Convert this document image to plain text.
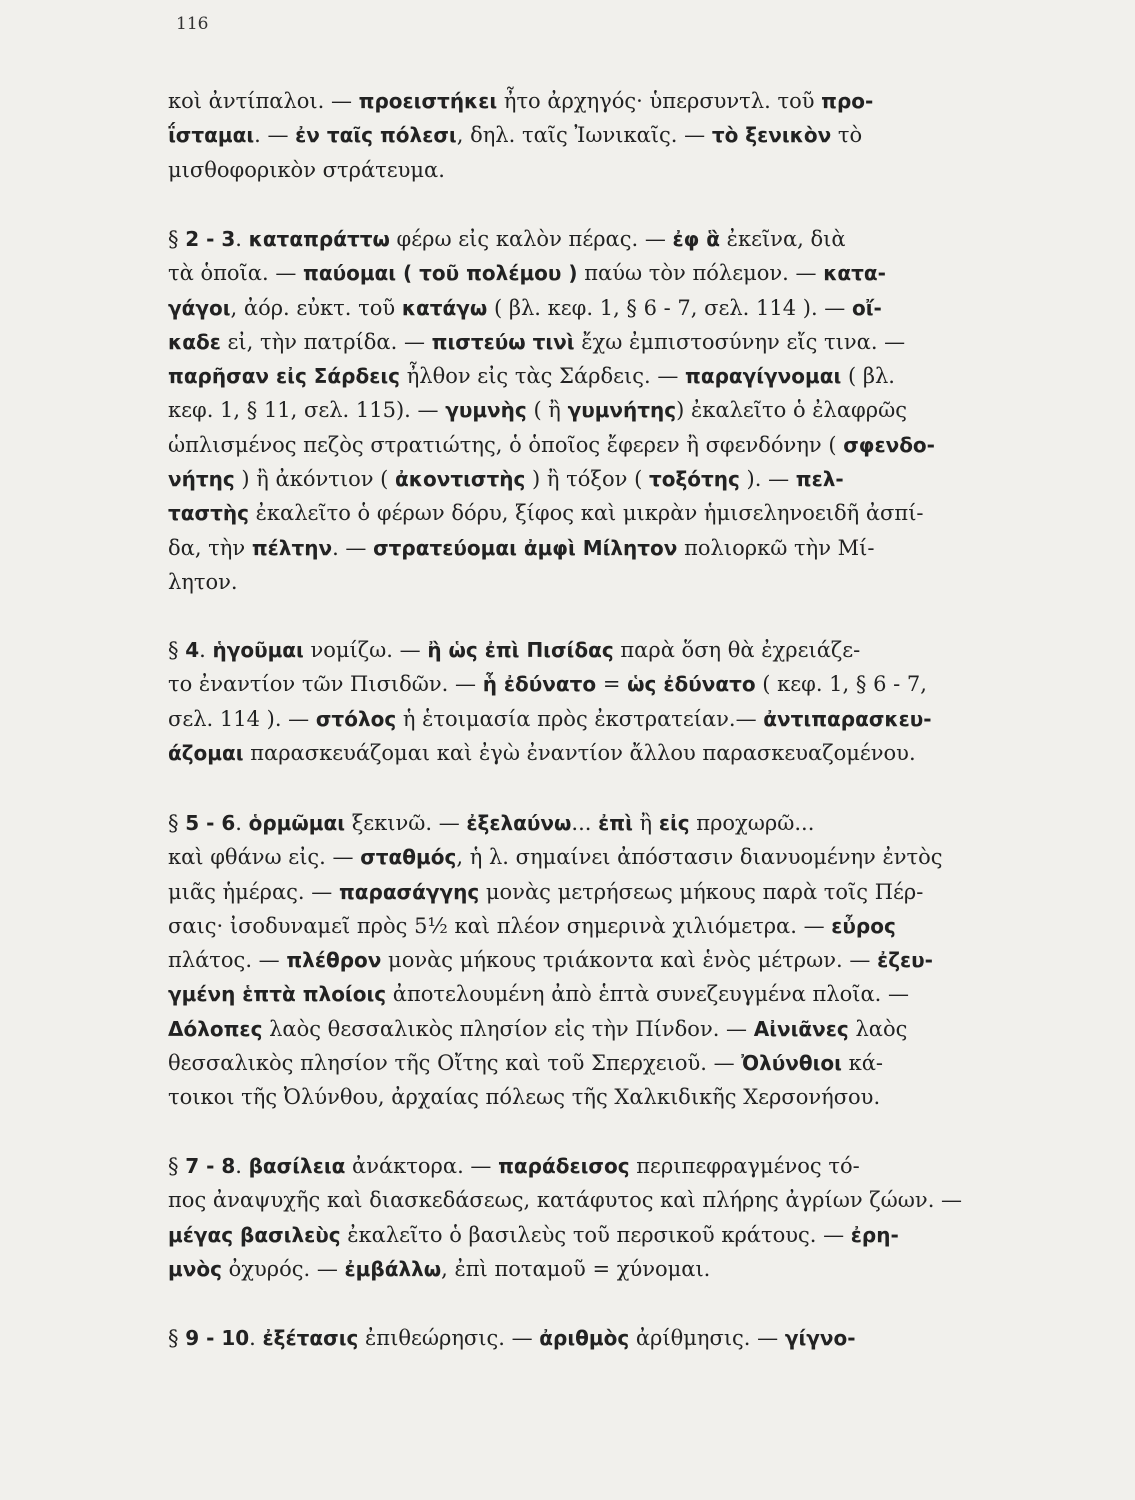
116
κοὶ ἀντίπαλοι. — προειστήκει ἦτο ἀρχηγός· ὑπερσυντλ. τοῦ προ-
ΐσταμαι. — ἐν ταῖς πόλεσι, δηλ. ταῖς Ἰωνικαῖς. — τὸ ξενικὸν τὸ
μισθοφορικὸν στράτευμα.
§ 2 - 3. καταπράττω φέρω εἰς καλὸν πέρας. — ἐφ ἃ ἐκεῖνα, διὰ
τὰ ὁποῖα. — παύομαι ( τοῦ πολέμου ) παύω τὸν πόλεμον. — κατα-
γάγοι, ἀόρ. εὐκτ. τοῦ κατάγω ( βλ. κεφ. 1, § 6 - 7, σελ. 114 ). — οἴ-
καδε εἰ, τὴν πατρίδα. — πιστεύω τινὶ ἔχω ἐμπιστοσύνην εἴς τινα. —
παρῆσαν εἰς Σάρδεις ἦλθον εἰς τὰς Σάρδεις. — παραγίγνομαι ( βλ.
κεφ. 1, § 11, σελ. 115). — γυμνὴς ( ἢ γυμνήτης) ἐκαλεῖτο ὁ ἐλαφρῶς
ὡπλισμένος πεζὸς στρατιώτης, ὁ ὁποῖος ἔφερεν ἢ σφενδόνην ( σφενδο-
νήτης ) ἢ ἀκόντιον ( ἀκοντιστὴς ) ἢ τόξον ( τοξότης ). — πελ-
ταστὴς ἐκαλεῖτο ὁ φέρων δόρυ, ξίφος καὶ μικρὰν ἡμισεληνοειδῆ ἀσπί-
δα, τὴν πέλτην. — στρατεύομαι ἀμφὶ Μίλητον πολιορκῶ τὴν Μί-
λητον.
§ 4. ἡγοῦμαι νομίζω. — ἢ ὡς ἐπὶ Πισίδας παρὰ ὅση θὰ ἐχρειάζε-
το ἐναντίον τῶν Πισιδῶν. — ἧ ἐδύνατο = ὡς ἐδύνατο ( κεφ. 1, § 6 - 7,
σελ. 114 ). — στόλος ἡ ἑτοιμασία πρὸς ἐκστρατείαν.— ἀντιπαρασκευ-
άζομαι παρασκευάζομαι καὶ ἐγὼ ἐναντίον ἄλλου παρασκευαζομένου.
§ 5 - 6. ὁρμῶμαι ξεκινῶ. — ἐξελαύνω... ἐπὶ ἢ εἰς προχωρῶ...
καὶ φθάνω εἰς. — σταθμός, ἡ λ. σημαίνει ἀπόστασιν διανυομένην ἐντὸς
μιᾶς ἡμέρας. — παρασάγγης μονὰς μετρήσεως μήκους παρὰ τοῖς Πέρ-
σαις· ἰσοδυναμεῖ πρὸς 5½ καὶ πλέον σημερινὰ χιλιόμετρα. — εὖρος
πλάτος. — πλέθρον μονὰς μήκους τριάκοντα καὶ ἑνὸς μέτρων. — ἐζευ-
γμένη ἑπτὰ πλοίοις ἀποτελουμένη ἀπὸ ἑπτὰ συνεζευγμένα πλοῖα. —
Δόλοπες λαὸς θεσσαλικὸς πλησίον εἰς τὴν Πίνδον. — Αἰνιᾶνες λαὸς
θεσσαλικὸς πλησίον τῆς Οἴτης καὶ τοῦ Σπερχειοῦ. — Ὀλύνθιοι κά-
τοικοι τῆς Ὀλύνθου, ἀρχαίας πόλεως τῆς Χαλκιδικῆς Χερσονήσου.
§ 7 - 8. βασίλεια ἀνάκτορα. — παράδεισος περιπεφραγμένος τό-
πος ἀναψυχῆς καὶ διασκεδάσεως, κατάφυτος καὶ πλήρης ἀγρίων ζώων. —
μέγας βασιλεὺς ἐκαλεῖτο ὁ βασιλεὺς τοῦ περσικοῦ κράτους. — ἐρη-
μνὸς ὀχυρός. — ἐμβάλλω, ἐπὶ ποταμοῦ = χύνομαι.
§ 9 - 10. ἐξέτασις ἐπιθεώρησις. — ἀριθμὸς ἀρίθμησις. — γίγνο-
